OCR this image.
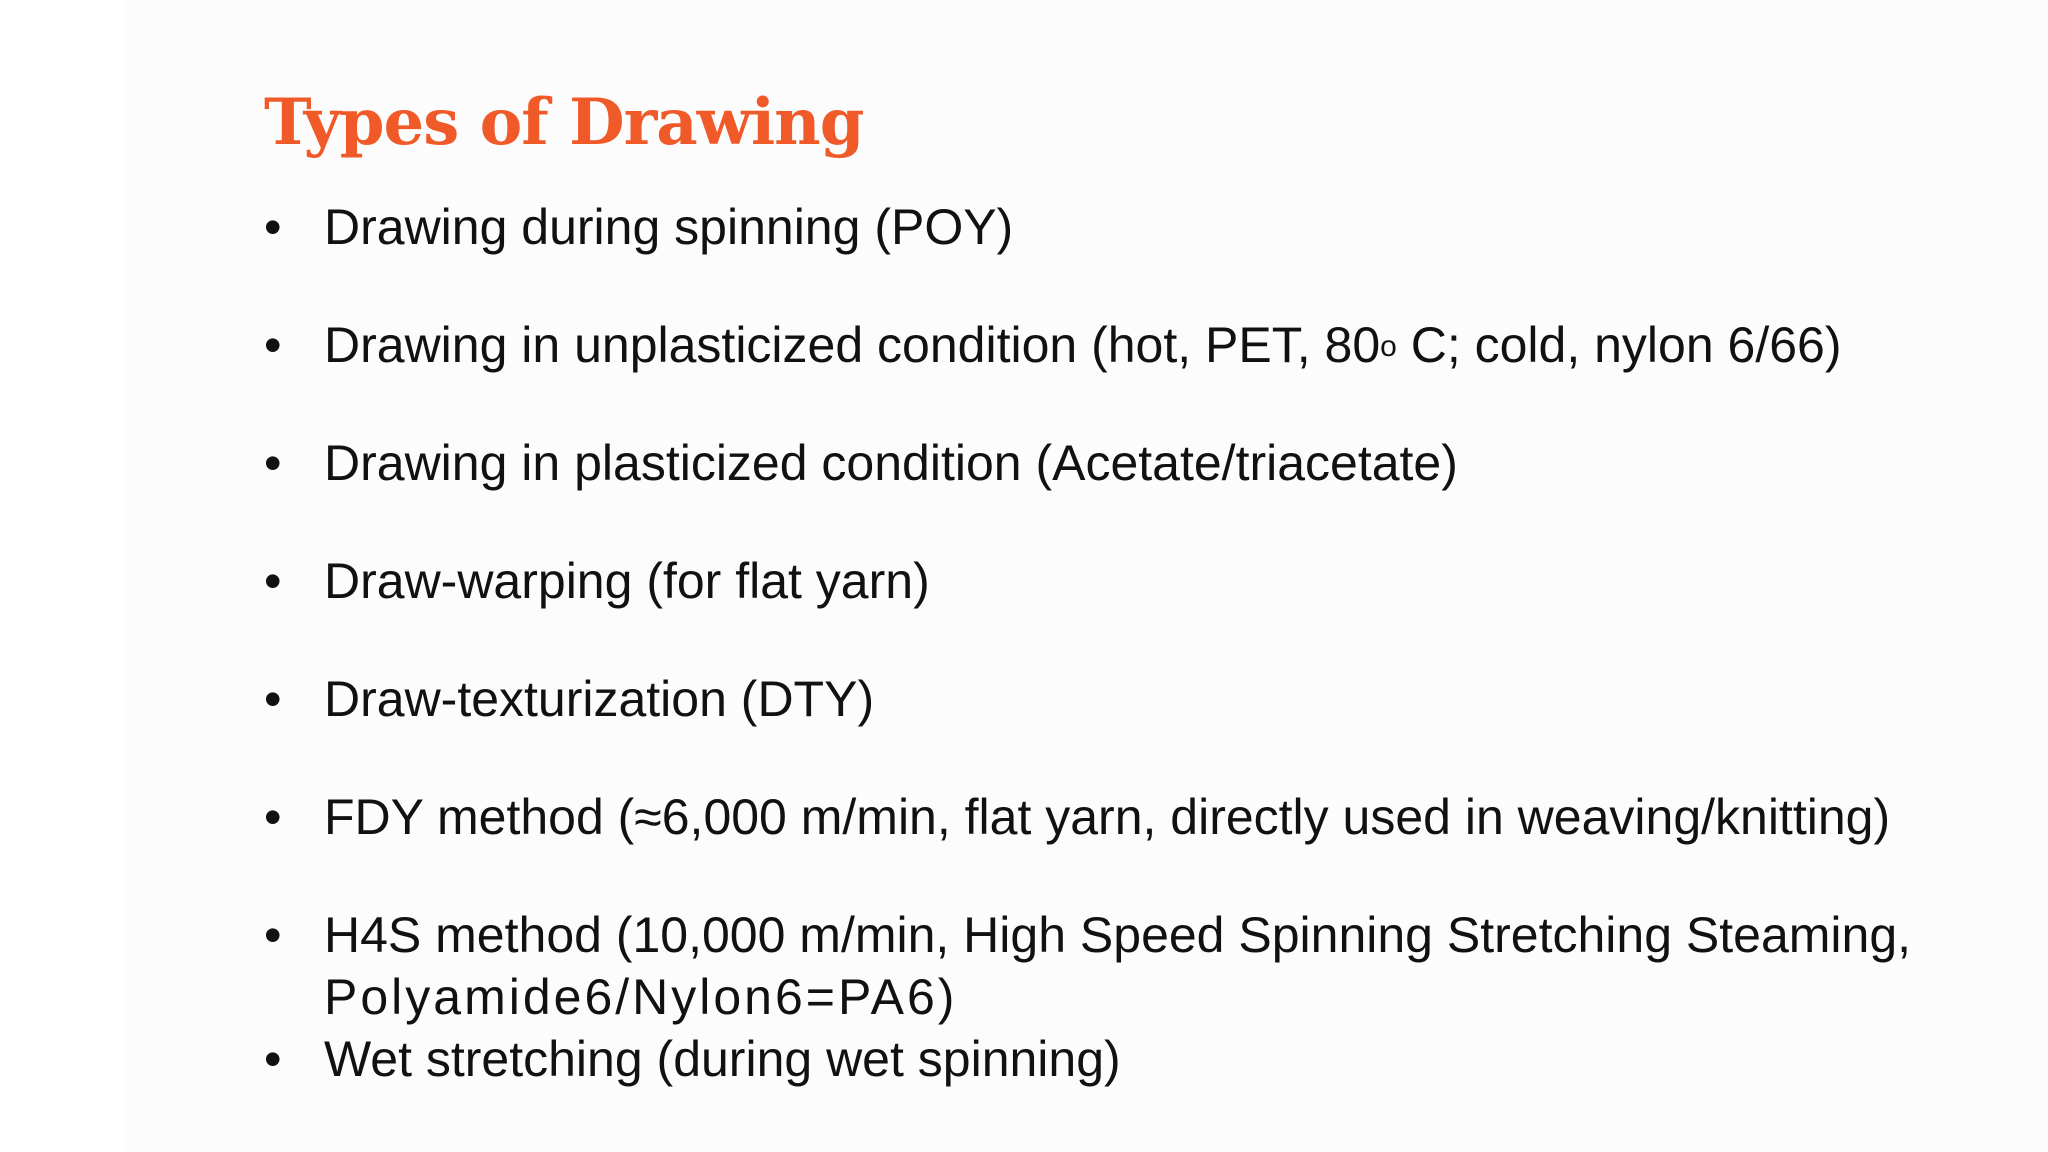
Types of Drawing
• Drawing during spinning (POY)
• Drawing in unplasticized condition (hot, PET, 80o C; cold, nylon 6/66)
• Drawing in plasticized condition (Acetate/triacetate)
• Draw-warping (for flat yarn)
• Draw-texturization (DTY)
• FDY method (≈6,000 m/min, flat yarn, directly used in weaving/knitting)
• H4S method (10,000 m/min, High Speed Spinning Stretching Steaming,
Polyamide6/Nylon6=PA6)
• Wet stretching (during wet spinning)
